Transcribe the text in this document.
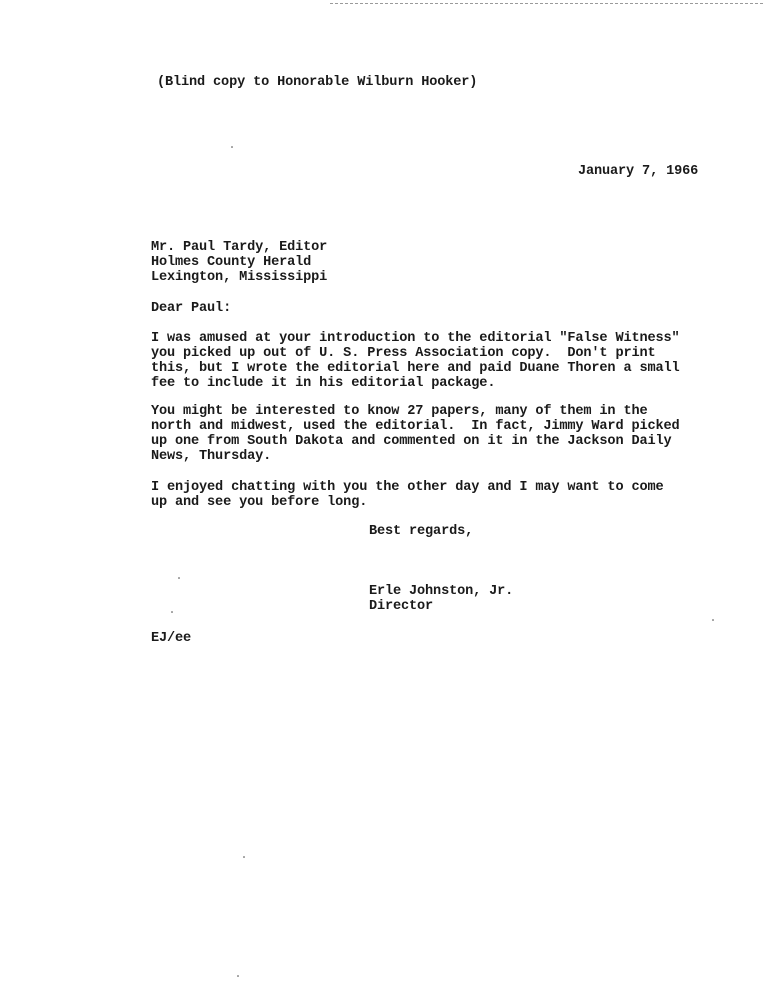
(Blind copy to Honorable Wilburn Hooker)
January 7, 1966
Mr. Paul Tardy, Editor
Holmes County Herald
Lexington, Mississippi
Dear Paul:
I was amused at your introduction to the editorial "False Witness"
you picked up out of U. S. Press Association copy.  Don't print
this, but I wrote the editorial here and paid Duane Thoren a small
fee to include it in his editorial package.
You might be interested to know 27 papers, many of them in the
north and midwest, used the editorial.  In fact, Jimmy Ward picked
up one from South Dakota and commented on it in the Jackson Daily
News, Thursday.
I enjoyed chatting with you the other day and I may want to come
up and see you before long.
Best regards,
Erle Johnston, Jr.
Director
EJ/ee
